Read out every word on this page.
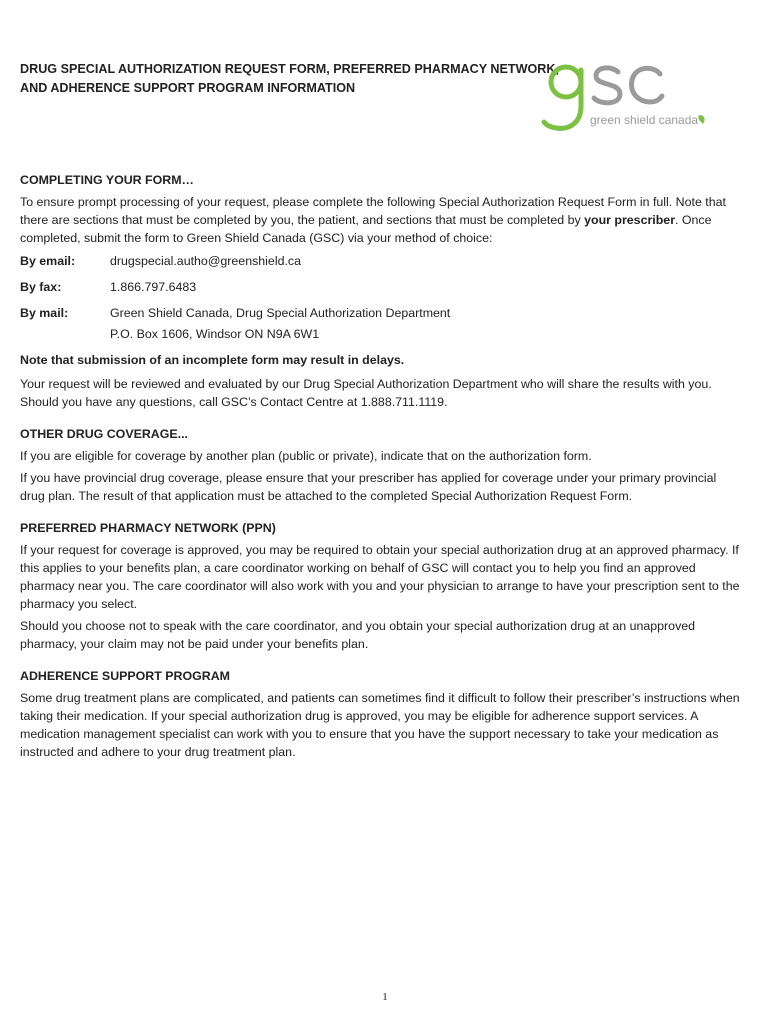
DRUG SPECIAL AUTHORIZATION REQUEST FORM, PREFERRED PHARMACY NETWORK, AND ADHERENCE SUPPORT PROGRAM INFORMATION
green shield canada

COMPLETING YOUR FORM…

To ensure prompt processing of your request, please complete the following Special Authorization Request Form in full. Note that there are sections that must be completed by you, the patient, and sections that must be completed by your prescriber. Once completed, submit the form to Green Shield Canada (GSC) via your method of choice:

By email:	drugspecial.autho@greenshield.ca
By fax:	1.866.797.6483
By mail:	Green Shield Canada, Drug Special Authorization Department
P.O. Box 1606, Windsor ON N9A 6W1

Note that submission of an incomplete form may result in delays.

Your request will be reviewed and evaluated by our Drug Special Authorization Department who will share the results with you. Should you have any questions, call GSC’s Contact Centre at 1.888.711.1119.

OTHER DRUG COVERAGE...

If you are eligible for coverage by another plan (public or private), indicate that on the authorization form.

If you have provincial drug coverage, please ensure that your prescriber has applied for coverage under your primary provincial drug plan. The result of that application must be attached to the completed Special Authorization Request Form.

PREFERRED PHARMACY NETWORK (PPN)

If your request for coverage is approved, you may be required to obtain your special authorization drug at an approved pharmacy. If this applies to your benefits plan, a care coordinator working on behalf of GSC will contact you to help you find an approved pharmacy near you. The care coordinator will also work with you and your physician to arrange to have your prescription sent to the pharmacy you select.

Should you choose not to speak with the care coordinator, and you obtain your special authorization drug at an unapproved pharmacy, your claim may not be paid under your benefits plan.

ADHERENCE SUPPORT PROGRAM

Some drug treatment plans are complicated, and patients can sometimes find it difficult to follow their prescriber’s instructions when taking their medication. If your special authorization drug is approved, you may be eligible for adherence support services. A medication management specialist can work with you to ensure that you have the support necessary to take your medication as instructed and adhere to your drug treatment plan.

1
